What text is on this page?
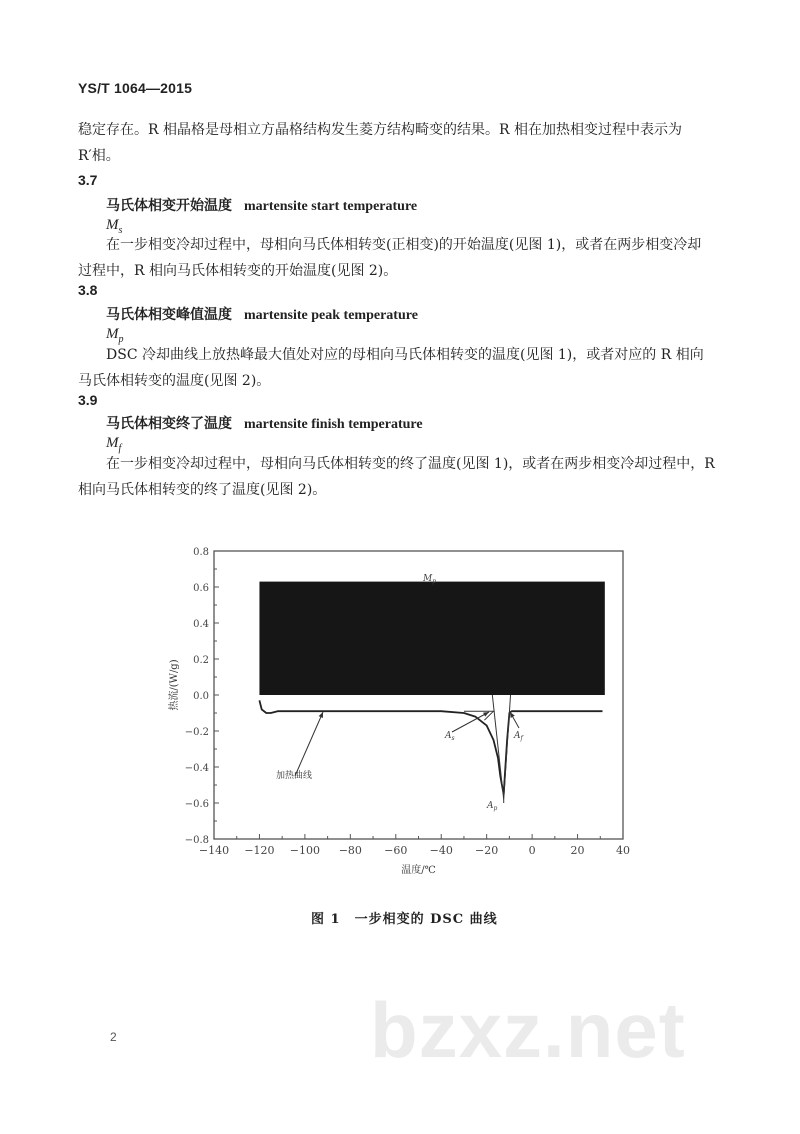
YS/T 1064—2015
稳定存在。R 相晶格是母相立方晶格结构发生菱方结构畸变的结果。R 相在加热相变过程中表示为
R′相。
3.7
马氏体相变开始温度 martensite start temperature
$M_s$
在一步相变冷却过程中，母相向马氏体相转变(正相变)的开始温度(见图 1)，或者在两步相变冷却
过程中，R 相向马氏体相转变的开始温度(见图 2)。
3.8
马氏体相变峰值温度 martensite peak temperature
$M_p$
DSC 冷却曲线上放热峰最大值处对应的母相向马氏体相转变的温度(见图 1)，或者对应的 R 相向
马氏体相转变的温度(见图 2)。
3.9
马氏体相变终了温度 martensite finish temperature
$M_f$
在一步相变冷却过程中，母相向马氏体相转变的终了温度(见图 1)，或者在两步相变冷却过程中，R
相向马氏体相转变的终了温度(见图 2)。
−140 −120 −100 −80 −60 −40 −20	0	20	40
0.8
0.6
0.4
0.2
0.0
−0.2
−0.4
−0.6
−0.8
温度/℃
热流/(W/g)
$M_p$
$A_s$	$A_f$
$A_p$
加热曲线
图 1　一步相变的 DSC 曲线
2	bzxz.net
